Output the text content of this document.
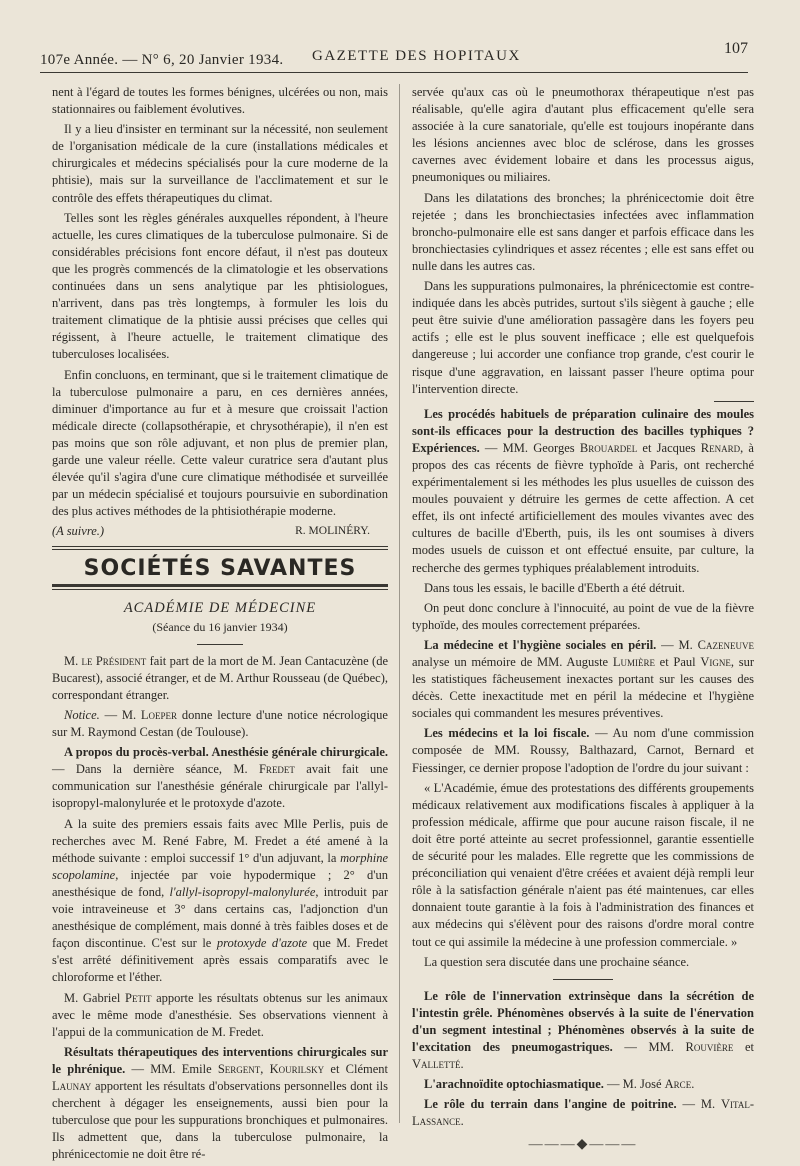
107e Année. — N° 6, 20 Janvier 1934. GAZETTE DES HOPITAUX	107

nent à l'égard de toutes les formes bénignes, ulcérées ou non, mais stationnaires ou faiblement évolutives.

Il y a lieu d'insister en terminant sur la nécessité, non seulement de l'organisation médicale de la cure (installations médicales et chirurgicales et médecins spécialisés pour la cure moderne de la phtisie), mais sur la surveillance de l'acclimatement et sur le contrôle des effets thérapeutiques du climat.

Telles sont les règles générales auxquelles répondent, à l'heure actuelle, les cures climatiques de la tuberculose pulmonaire. Si de considérables précisions font encore défaut, il n'est pas douteux que les progrès commencés de la climatologie et les observations continuées dans un sens analytique par les phtisiologues, n'arrivent, dans pas très longtemps, à formuler les lois du traitement climatique de la phtisie aussi précises que celles qui régissent, à l'heure actuelle, le traitement climatique des tuberculoses localisées.

Enfin concluons, en terminant, que si le traitement climatique de la tuberculose pulmonaire a paru, en ces dernières années, diminuer d'importance au fur et à mesure que croissait l'action médicale directe (collapsothérapie, et chrysothérapie), il n'en est pas moins que son rôle adjuvant, et non plus de premier plan, garde une valeur réelle. Cette valeur curatrice sera d'autant plus élevée qu'il s'agira d'une cure climatique méthodisée et surveillée par un médecin spécialisé et toujours poursuivie en subordination des plus actives méthodes de la phtisiothérapie moderne.

(A suivre.)	R. MOLINÉRY.
SOCIÉTÉS SAVANTES
ACADÉMIE DE MÉDECINE
(Séance du 16 janvier 1934)

M. le Président fait part de la mort de M. Jean Cantacuzène (de Bucarest), associé étranger, et de M. Arthur Rousseau (de Québec), correspondant étranger.

Notice. — M. Loeper donne lecture d'une notice nécrologique sur M. Raymond Cestan (de Toulouse).

A propos du procès-verbal. Anesthésie générale chirurgicale. — Dans la dernière séance, M. Fredet avait fait une communication sur l'anesthésie générale chirurgicale par l'allyl-isopropyl-malonylurée et le protoxyde d'azote.

A la suite des premiers essais faits avec Mlle Perlis, puis de recherches avec M. René Fabre, M. Fredet a été amené à la méthode suivante : emploi successif 1° d'un adjuvant, la morphine scopolamine, injectée par voie hypodermique ; 2° d'un anesthésique de fond, l'allyl-isopropyl-malonylurée, introduit par voie intraveineuse et 3° dans certains cas, l'adjonction d'un anesthésique de complément, mais donné à très faibles doses et de façon discontinue. C'est sur le protoxyde d'azote que M. Fredet s'est arrêté définitivement après essais comparatifs avec le chloroforme et l'éther.

M. Gabriel Petit apporte les résultats obtenus sur les animaux avec le même mode d'anesthésie. Ses observations viennent à l'appui de la communication de M. Fredet.

Résultats thérapeutiques des interventions chirurgicales sur le phrénique. — MM. Emile Sergent, Kourilsky et Clément Launay apportent les résultats d'observations personnelles dont ils cherchent à dégager les enseignements, aussi bien pour la tuberculose que pour les suppurations bronchiques et pulmonaires. Ils admettent que, dans la tuberculose pulmonaire, la phrénicectomie ne doit être ré-

servée qu'aux cas où le pneumothorax thérapeutique n'est pas réalisable, qu'elle agira d'autant plus efficacement qu'elle sera associée à la cure sanatoriale, qu'elle est toujours inopérante dans les lésions anciennes avec bloc de sclérose, dans les grosses cavernes avec évidement lobaire et dans les processus aigus, pneumoniques ou miliaires.

Dans les dilatations des bronches; la phrénicectomie doit être rejetée ; dans les bronchiectasies infectées avec inflammation broncho-pulmonaire elle est sans danger et parfois efficace dans les bronchiectasies cylindriques et assez récentes ; elle est sans effet ou nulle dans les autres cas.

Dans les suppurations pulmonaires, la phrénicectomie est contre-indiquée dans les abcès putrides, surtout s'ils siègent à gauche ; elle peut être suivie d'une amélioration passagère dans les foyers peu actifs ; elle est le plus souvent inefficace ; elle est quelquefois dangereuse ; lui accorder une confiance trop grande, c'est courir le risque d'une aggravation, en laissant passer l'heure optima pour l'intervention directe.

Les procédés habituels de préparation culinaire des moules sont-ils efficaces pour la destruction des bacilles typhiques ? Expériences. — MM. Georges Brouardel et Jacques Renard, à propos des cas récents de fièvre typhoïde à Paris, ont recherché expérimentalement si les méthodes les plus usuelles de cuisson des moules pouvaient y détruire les germes de cette affection. A cet effet, ils ont infecté artificiellement des moules vivantes avec des cultures de bacille d'Eberth, puis, ils les ont soumises à divers modes usuels de cuisson et ont effectué ensuite, par culture, la recherche des germes typhiques préalablement introduits.

Dans tous les essais, le bacille d'Eberth a été détruit.

On peut donc conclure à l'innocuité, au point de vue de la fièvre typhoïde, des moules correctement préparées.

La médecine et l'hygiène sociales en péril. — M. Cazeneuve analyse un mémoire de MM. Auguste Lumière et Paul Vigne, sur les statistiques fâcheusement inexactes portant sur les causes des décès. Cette inexactitude met en péril la médecine et l'hygiène sociales qui commandent les mesures préventives.

Les médecins et la loi fiscale. — Au nom d'une commission composée de MM. Roussy, Balthazard, Carnot, Bernard et Fiessinger, ce dernier propose l'adoption de l'ordre du jour suivant :

« L'Académie, émue des protestations des différents groupements médicaux relativement aux modifications fiscales à appliquer à la profession médicale, affirme que pour aucune raison fiscale, il ne doit être porté atteinte au secret professionnel, garantie essentielle de sécurité pour les malades. Elle regrette que les commissions de préconciliation qui venaient d'être créées et avaient déjà rempli leur rôle à la satisfaction générale n'aient pas été maintenues, car elles donnaient toute garantie à la fois à l'administration des finances et aux médecins qui s'élèvent pour des raisons d'ordre moral contre tout ce qui assimile la médecine à une profession commerciale. »

La question sera discutée dans une prochaine séance.

Le rôle de l'innervation extrinsèque dans la sécrétion de l'intestin grêle. Phénomènes observés à la suite de l'énervation d'un segment intestinal ; Phénomènes observés à la suite de l'excitation des pneumogastriques. — MM. Rouvière et Valletté.

L'arachnoïdite optochiasmatique. — M. José Arce.

Le rôle du terrain dans l'angine de poitrine. — M. Vital-Lassance.

———◆———
